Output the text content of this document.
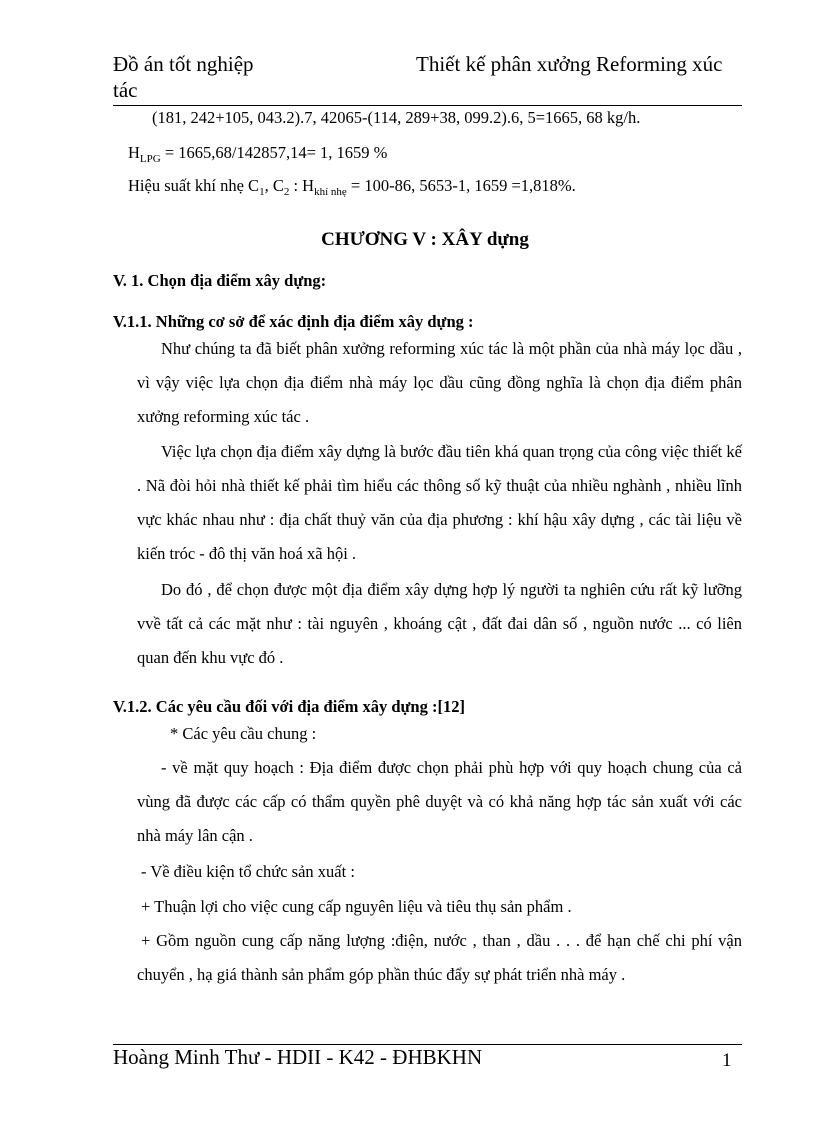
Đồ án tốt nghiệp	Thiết kế phân xưởng Reforming xúc
tác
(181, 242+105, 043.2).7, 42065-(114, 289+38, 099.2).6, 5=1665, 68 kg/h.
$H_{LPG} = 1665,68/142857,14= 1$, 1659 %
Hiệu suất khí nhẹ $C_1$, $C_2$ : $H_{khí nhẹ} = 100-86$, 5653-1, 1659 =1,818%.
CHƯƠNG V : XÂY dựng
V. 1. Chọn địa điểm xây dựng:
V.1.1. Những cơ sở để xác định địa điểm xây dựng :
Như chúng ta đã biết phân xưởng reforming xúc tác là một phần của nhà máy lọc dầu , vì vậy việc lựa chọn địa điểm nhà máy lọc dầu cũng đồng nghĩa là chọn địa điểm phân xưởng reforming xúc tác .
Việc lựa chọn địa điểm xây dựng là bước đầu tiên khá quan trọng của công việc thiết kế . Nã đòi hỏi nhà thiết kế phải tìm hiểu các thông số kỹ thuật của nhiều nghành , nhiều lĩnh vực khác nhau như : địa chất thuỷ văn của địa phương : khí hậu xây dựng , các tài liệu về kiến tróc - đô thị văn hoá xã hội .
Do đó , để chọn được một địa điểm xây dựng hợp lý người ta nghiên cứu rất kỹ lưỡng vvề tất cả các mặt như : tài nguyên , khoáng cật , đất đai dân số , nguồn nước ... có liên quan đến khu vực đó .
V.1.2. Các yêu cầu đối với địa điểm xây dựng :[12]
* Các yêu cầu chung :
- về mặt quy hoạch : Địa điểm được chọn phải phù hợp với quy hoạch chung của cả vùng đã được các cấp có thẩm quyền phê duyệt và có khả năng hợp tác sản xuất với các nhà máy lân cận .
- Về điều kiện tổ chức sản xuất :
+ Thuận lợi cho việc cung cấp nguyên liệu và tiêu thụ sản phẩm .
+ Gồm nguồn cung cấp năng lượng :điện, nước , than , dầu . . . để hạn chế chi phí vận chuyển , hạ giá thành sản phẩm góp phần thúc đẩy sự phát triển nhà máy .
Hoàng Minh Thư - HDII - K42 - ĐHBKHN	1
